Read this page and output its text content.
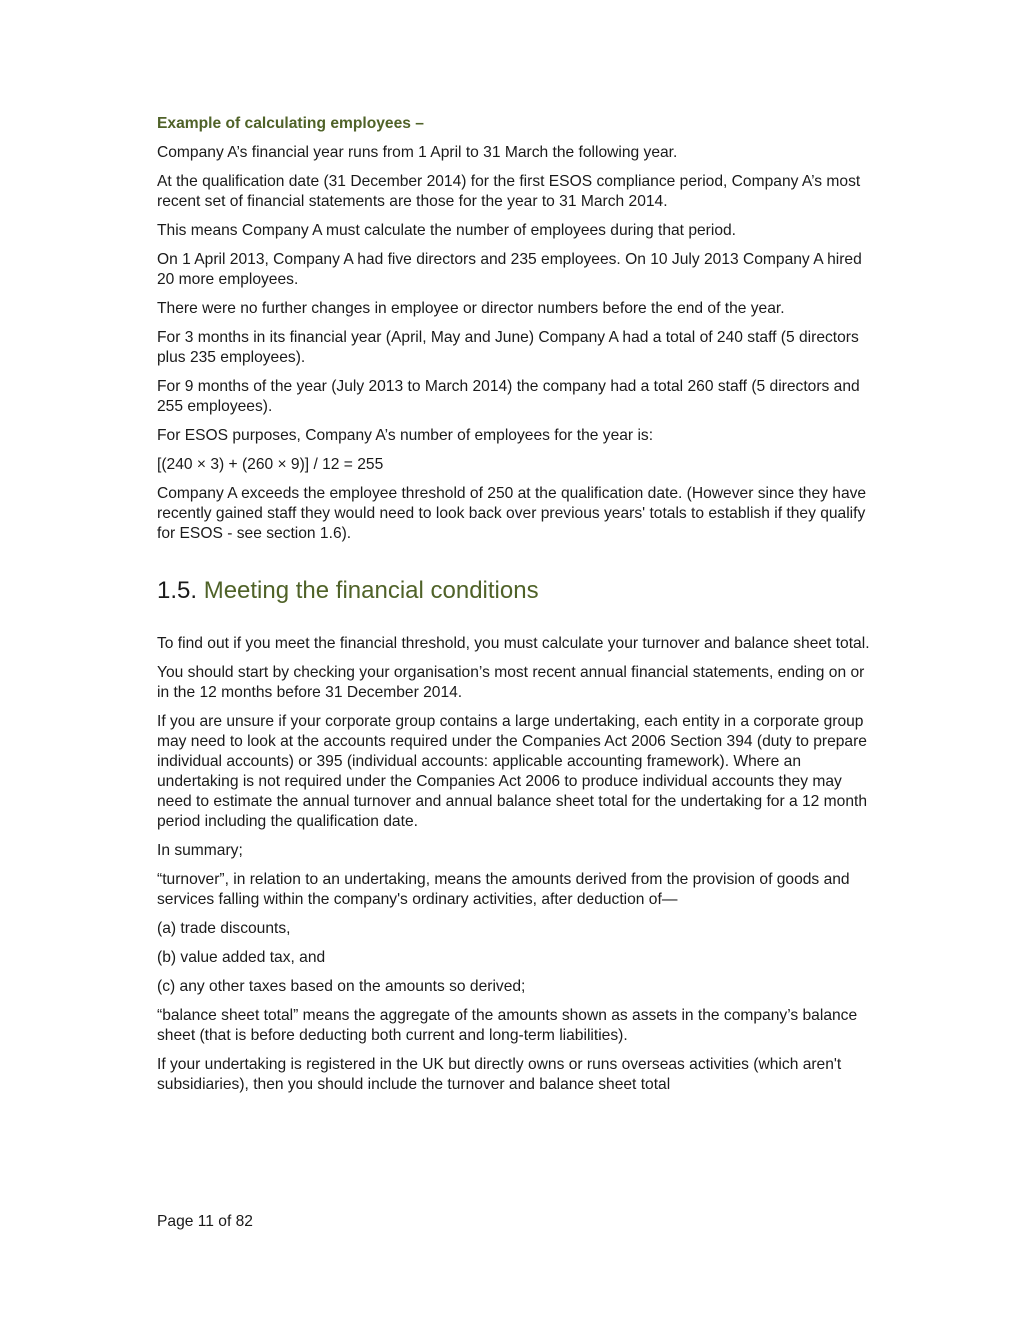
Example of calculating employees –

Company A’s financial year runs from 1 April to 31 March the following year.

At the qualification date (31 December 2014) for the first ESOS compliance period, Company A’s most recent set of financial statements are those for the year to 31 March 2014.

This means Company A must calculate the number of employees during that period.

On 1 April 2013, Company A had five directors and 235 employees. On 10 July 2013 Company A hired 20 more employees.

There were no further changes in employee or director numbers before the end of the year.

For 3 months in its financial year (April, May and June) Company A had a total of 240 staff (5 directors plus 235 employees).

For 9 months of the year (July 2013 to March 2014) the company had a total 260 staff (5 directors and 255 employees).

For ESOS purposes, Company A’s number of employees for the year is:

[(240 × 3) + (260 × 9)] / 12 = 255

Company A exceeds the employee threshold of 250 at the qualification date. (However since they have recently gained staff they would need to look back over previous years' totals to establish if they qualify for ESOS - see section 1.6).

1.5. Meeting the financial conditions

To find out if you meet the financial threshold, you must calculate your turnover and balance sheet total.

You should start by checking your organisation’s most recent annual financial statements, ending on or in the 12 months before 31 December 2014.

If you are unsure if your corporate group contains a large undertaking, each entity in a corporate group may need to look at the accounts required under the Companies Act 2006 Section 394 (duty to prepare individual accounts) or 395 (individual accounts: applicable accounting framework). Where an undertaking is not required under the Companies Act 2006 to produce individual accounts they may need to estimate the annual turnover and annual balance sheet total for the undertaking for a 12 month period including the qualification date.

In summary;

“turnover”, in relation to an undertaking, means the amounts derived from the provision of goods and services falling within the company's ordinary activities, after deduction of—

(a) trade discounts,

(b) value added tax, and

(c) any other taxes based on the amounts so derived;

“balance sheet total” means the aggregate of the amounts shown as assets in the company’s balance sheet (that is before deducting both current and long-term liabilities).

If your undertaking is registered in the UK but directly owns or runs overseas activities (which aren't subsidiaries), then you should include the turnover and balance sheet total

Page 11 of 82
